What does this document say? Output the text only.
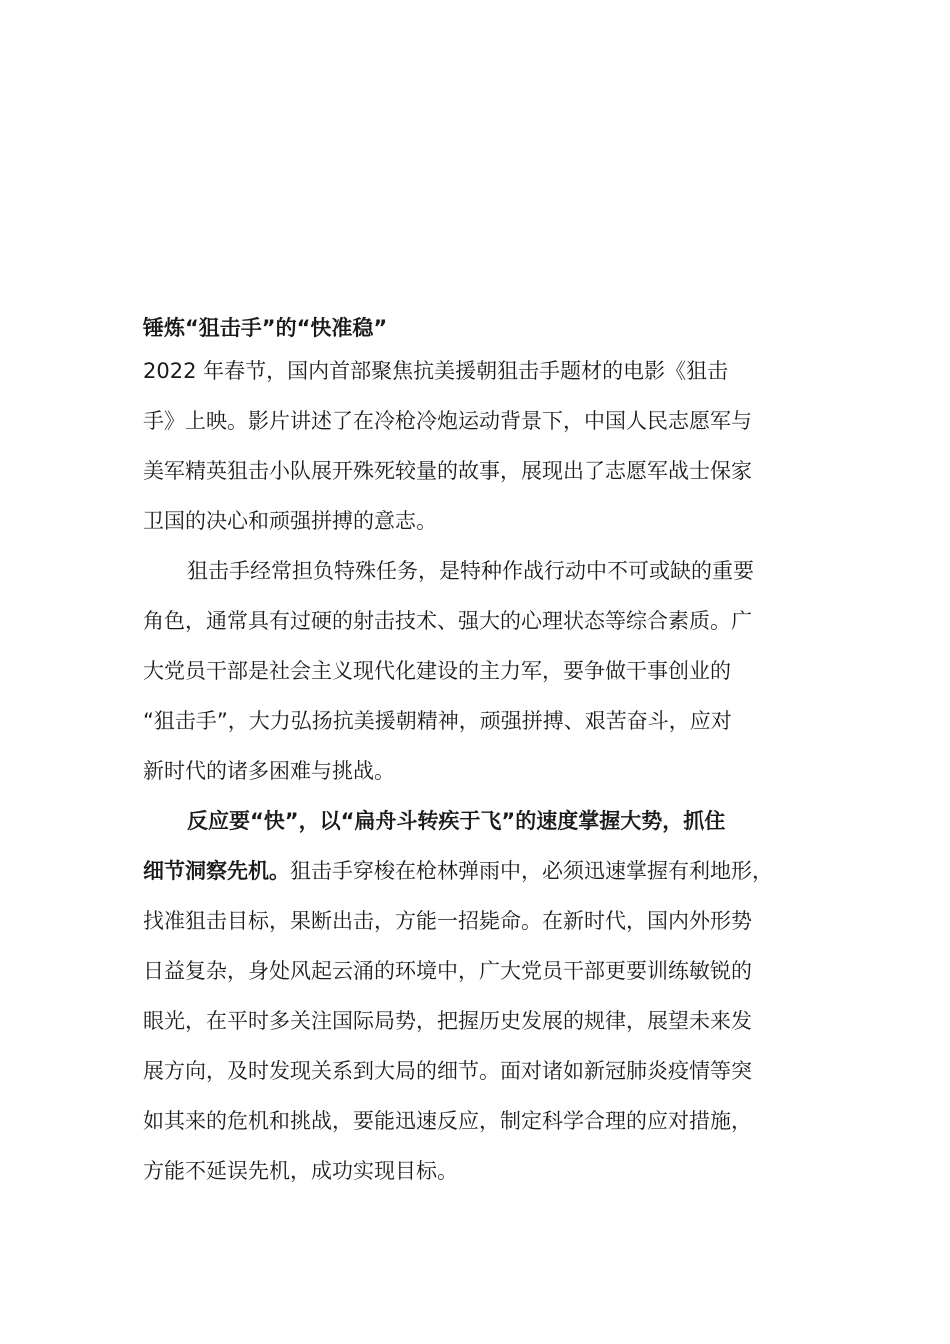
锤炼“狙击手”的“快准稳”
2022 年春节，国内首部聚焦抗美援朝狙击手题材的电影《狙击
手》上映。影片讲述了在冷枪冷炮运动背景下，中国人民志愿军与
美军精英狙击小队展开殊死较量的故事，展现出了志愿军战士保家
卫国的决心和顽强拼搏的意志。
狙击手经常担负特殊任务，是特种作战行动中不可或缺的重要
角色，通常具有过硬的射击技术、强大的心理状态等综合素质。广
大党员干部是社会主义现代化建设的主力军，要争做干事创业的
“狙击手”，大力弘扬抗美援朝精神，顽强拼搏、艰苦奋斗，应对
新时代的诸多困难与挑战。
反应要“快”，以“扁舟斗转疾于飞”的速度掌握大势，抓住
细节洞察先机。狙击手穿梭在枪林弹雨中，必须迅速掌握有利地形，
找准狙击目标，果断出击，方能一招毙命。在新时代，国内外形势
日益复杂，身处风起云涌的环境中，广大党员干部更要训练敏锐的
眼光，在平时多关注国际局势，把握历史发展的规律，展望未来发
展方向，及时发现关系到大局的细节。面对诸如新冠肺炎疫情等突
如其来的危机和挑战，要能迅速反应，制定科学合理的应对措施，
方能不延误先机，成功实现目标。
